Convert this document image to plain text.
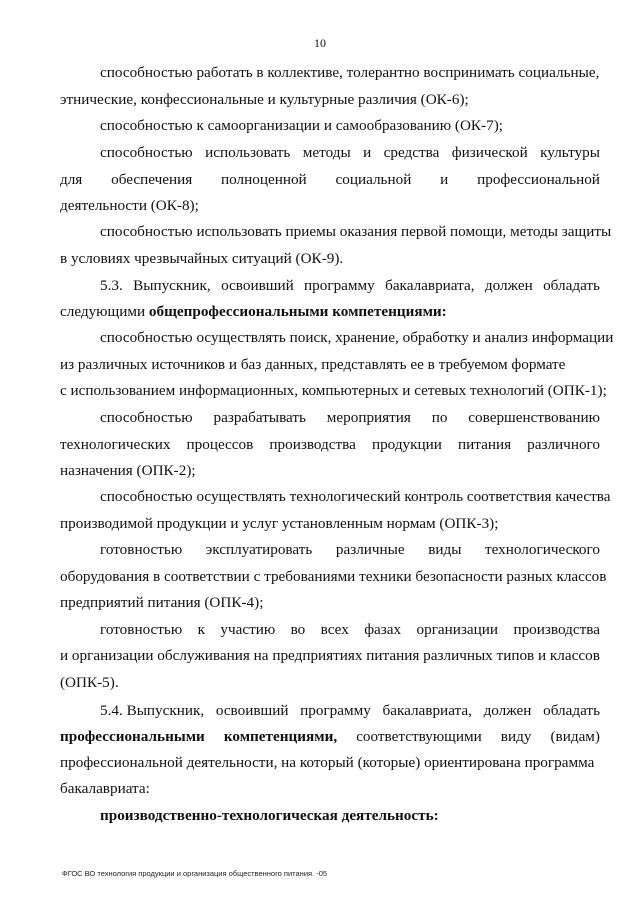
10
способностью работать в коллективе, толерантно воспринимать социальные,
этнические, конфессиональные и культурные различия (ОК-6);
способностью к самоорганизации и самообразованию (ОК-7);
способностью использовать методы и средства физической культуры
для обеспечения полноценной социальной и профессиональной
деятельности (ОК-8);
способностью использовать приемы оказания первой помощи, методы защиты
в условиях чрезвычайных ситуаций (ОК-9).
5.3. Выпускник, освоивший программу бакалавриата, должен обладать
следующими общепрофессиональными компетенциями:
способностью осуществлять поиск, хранение, обработку и анализ информации
из различных источников и баз данных, представлять ее в требуемом формате
с использованием информационных, компьютерных и сетевых технологий (ОПК-1);
способностью разрабатывать мероприятия по совершенствованию
технологических процессов производства продукции питания различного
назначения (ОПК-2);
способностью осуществлять технологический контроль соответствия качества
производимой продукции и услуг установленным нормам (ОПК-3);
готовностью эксплуатировать различные виды технологического
оборудования в соответствии с требованиями техники безопасности разных классов
предприятий питания (ОПК-4);
готовностью к участию во всех фазах организации производства
и организации обслуживания на предприятиях питания различных типов и классов
(ОПК-5).
5.4. Выпускник, освоивший программу бакалавриата, должен обладать
профессиональными компетенциями, соответствующими виду (видам)
профессиональной деятельности, на который (которые) ориентирована программа
бакалавриата:
производственно-технологическая деятельность:
ФГОС ВО технология продукции и организация общественного питания. -05
